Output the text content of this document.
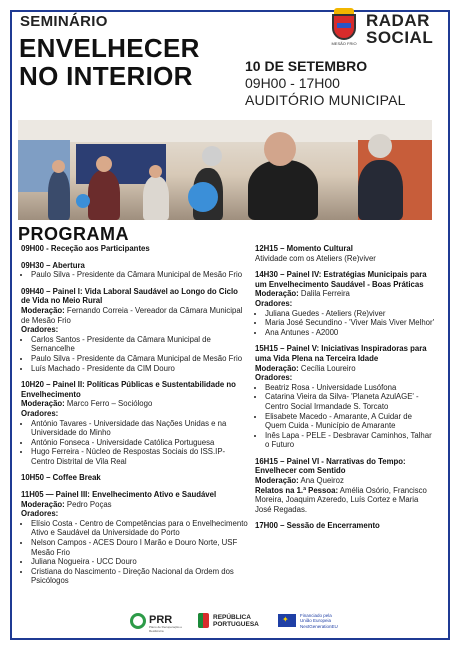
SEMINÁRIO
ENVELHECER
NO INTERIOR	10 DE SETEMBRO
09H00 - 17H00
AUDITÓRIO MUNICIPAL
MESÃO FRIO
RADAR
SOCIAL
PROGRAMA
09H00 - Receção aos Participantes
09H30 – Abertura
• Paulo Silva - Presidente da Câmara Municipal de Mesão Frio
09H40 – Painel I: Vida Laboral Saudável ao Longo do Ciclo de Vida no Meio Rural
Moderação: Fernando Correia - Vereador da Câmara Municipal de Mesão Frio
Oradores:
• Carlos Santos - Presidente da Câmara Municipal de Sernancelhe
• Paulo Silva - Presidente da Câmara Municipal de Mesão Frio
• Luís Machado - Presidente da CIM Douro
10H20 – Painel II: Políticas Públicas e Sustentabilidade no Envelhecimento
Moderação: Marco Ferro – Sociólogo
Oradores:
• António Tavares - Universidade das Nações Unidas e na Universidade do Minho
• António Fonseca - Universidade Católica Portuguesa
• Hugo Ferreira - Núcleo de Respostas Sociais do ISS.IP- Centro Distrital de Vila Real
10H50 – Coffee Break
11H05 — Painel III: Envelhecimento Ativo e Saudável
Moderação: Pedro Poças
Oradores:
• Elísio Costa - Centro de Competências para o Envelhecimento Ativo e Saudável da Universidade do Porto
• Nelson Campos - ACES Douro I Marão e Douro Norte, USF Mesão Frio
• Juliana Nogueira - UCC Douro
• Cristiana do Nascimento - Direção Nacional da Ordem dos Psicólogos
12H15 – Momento Cultural
Atividade com os Ateliers (Re)viver
14H30 – Painel IV: Estratégias Municipais para um Envelhecimento Saudável - Boas Práticas
Moderação: Dalila Ferreira
Oradores:
• Juliana Guedes - Ateliers (Re)viver
• Maria José Secundino - 'Viver Mais Viver Melhor'
• Ana Antunes - A2000
15H15 – Painel V: Iniciativas Inspiradoras para uma Vida Plena na Terceira Idade
Moderação: Cecília Loureiro
Oradores:
• Beatriz Rosa - Universidade Lusófona
• Catarina Vieira da Silva- 'Planeta AzulAGE' - Centro Social Irmandade S. Torcato
• Elisabete Macedo - Amarante, A Cuidar de Quem Cuida - Município de Amarante
• Inês Lapa - PELE - Desbravar Caminhos, Talhar o Futuro
16H15 – Painel VI - Narrativas do Tempo: Envelhecer com Sentido
Moderação: Ana Queiroz
Relatos na 1.ª Pessoa: Amélia Osório, Francisco Moreira, Joaquim Azeredo, Luís Cortez e Maria José Regadas.
17H00 – Sessão de Encerramento
PRR
Plano de Recuperação e Resiliência
REPÚBLICA
PORTUGUESA
✦	Financiado pela
União Europeia
NextGenerationEU
